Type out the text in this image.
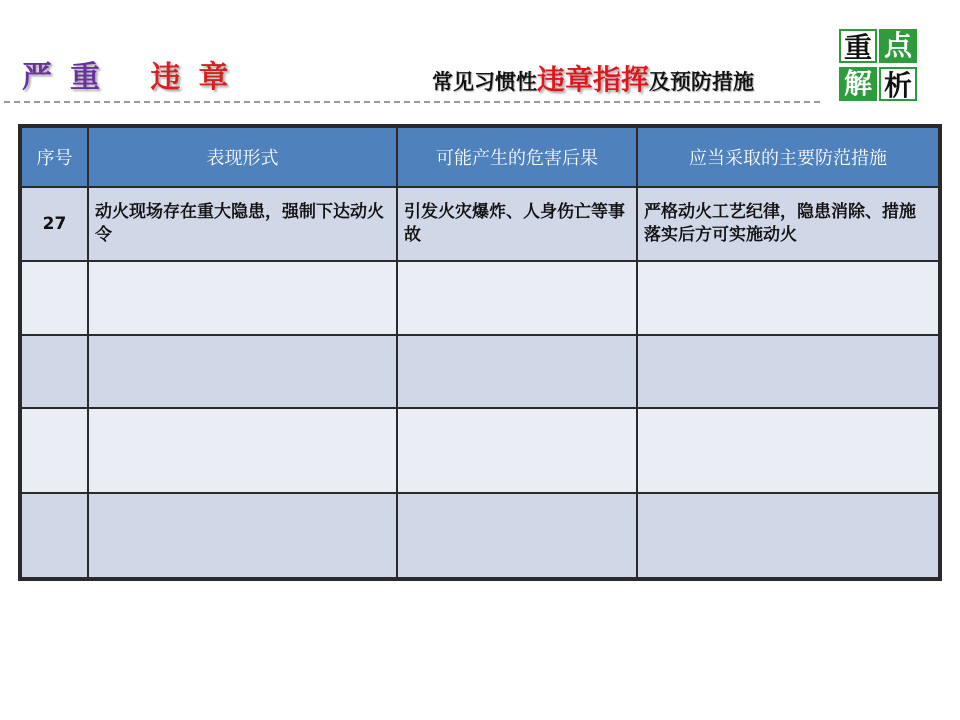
严 重 违 章	常见习惯性违章指挥及预防措施
重 点
解 析
序号	表现形式	可能产生的危害后果	应当采取的主要防范措施
27	动火现场存在重大隐患，强制下达动火令	引发火灾爆炸、人身伤亡等事故	严格动火工艺纪律，隐患消除、措施落实后方可实施动火
